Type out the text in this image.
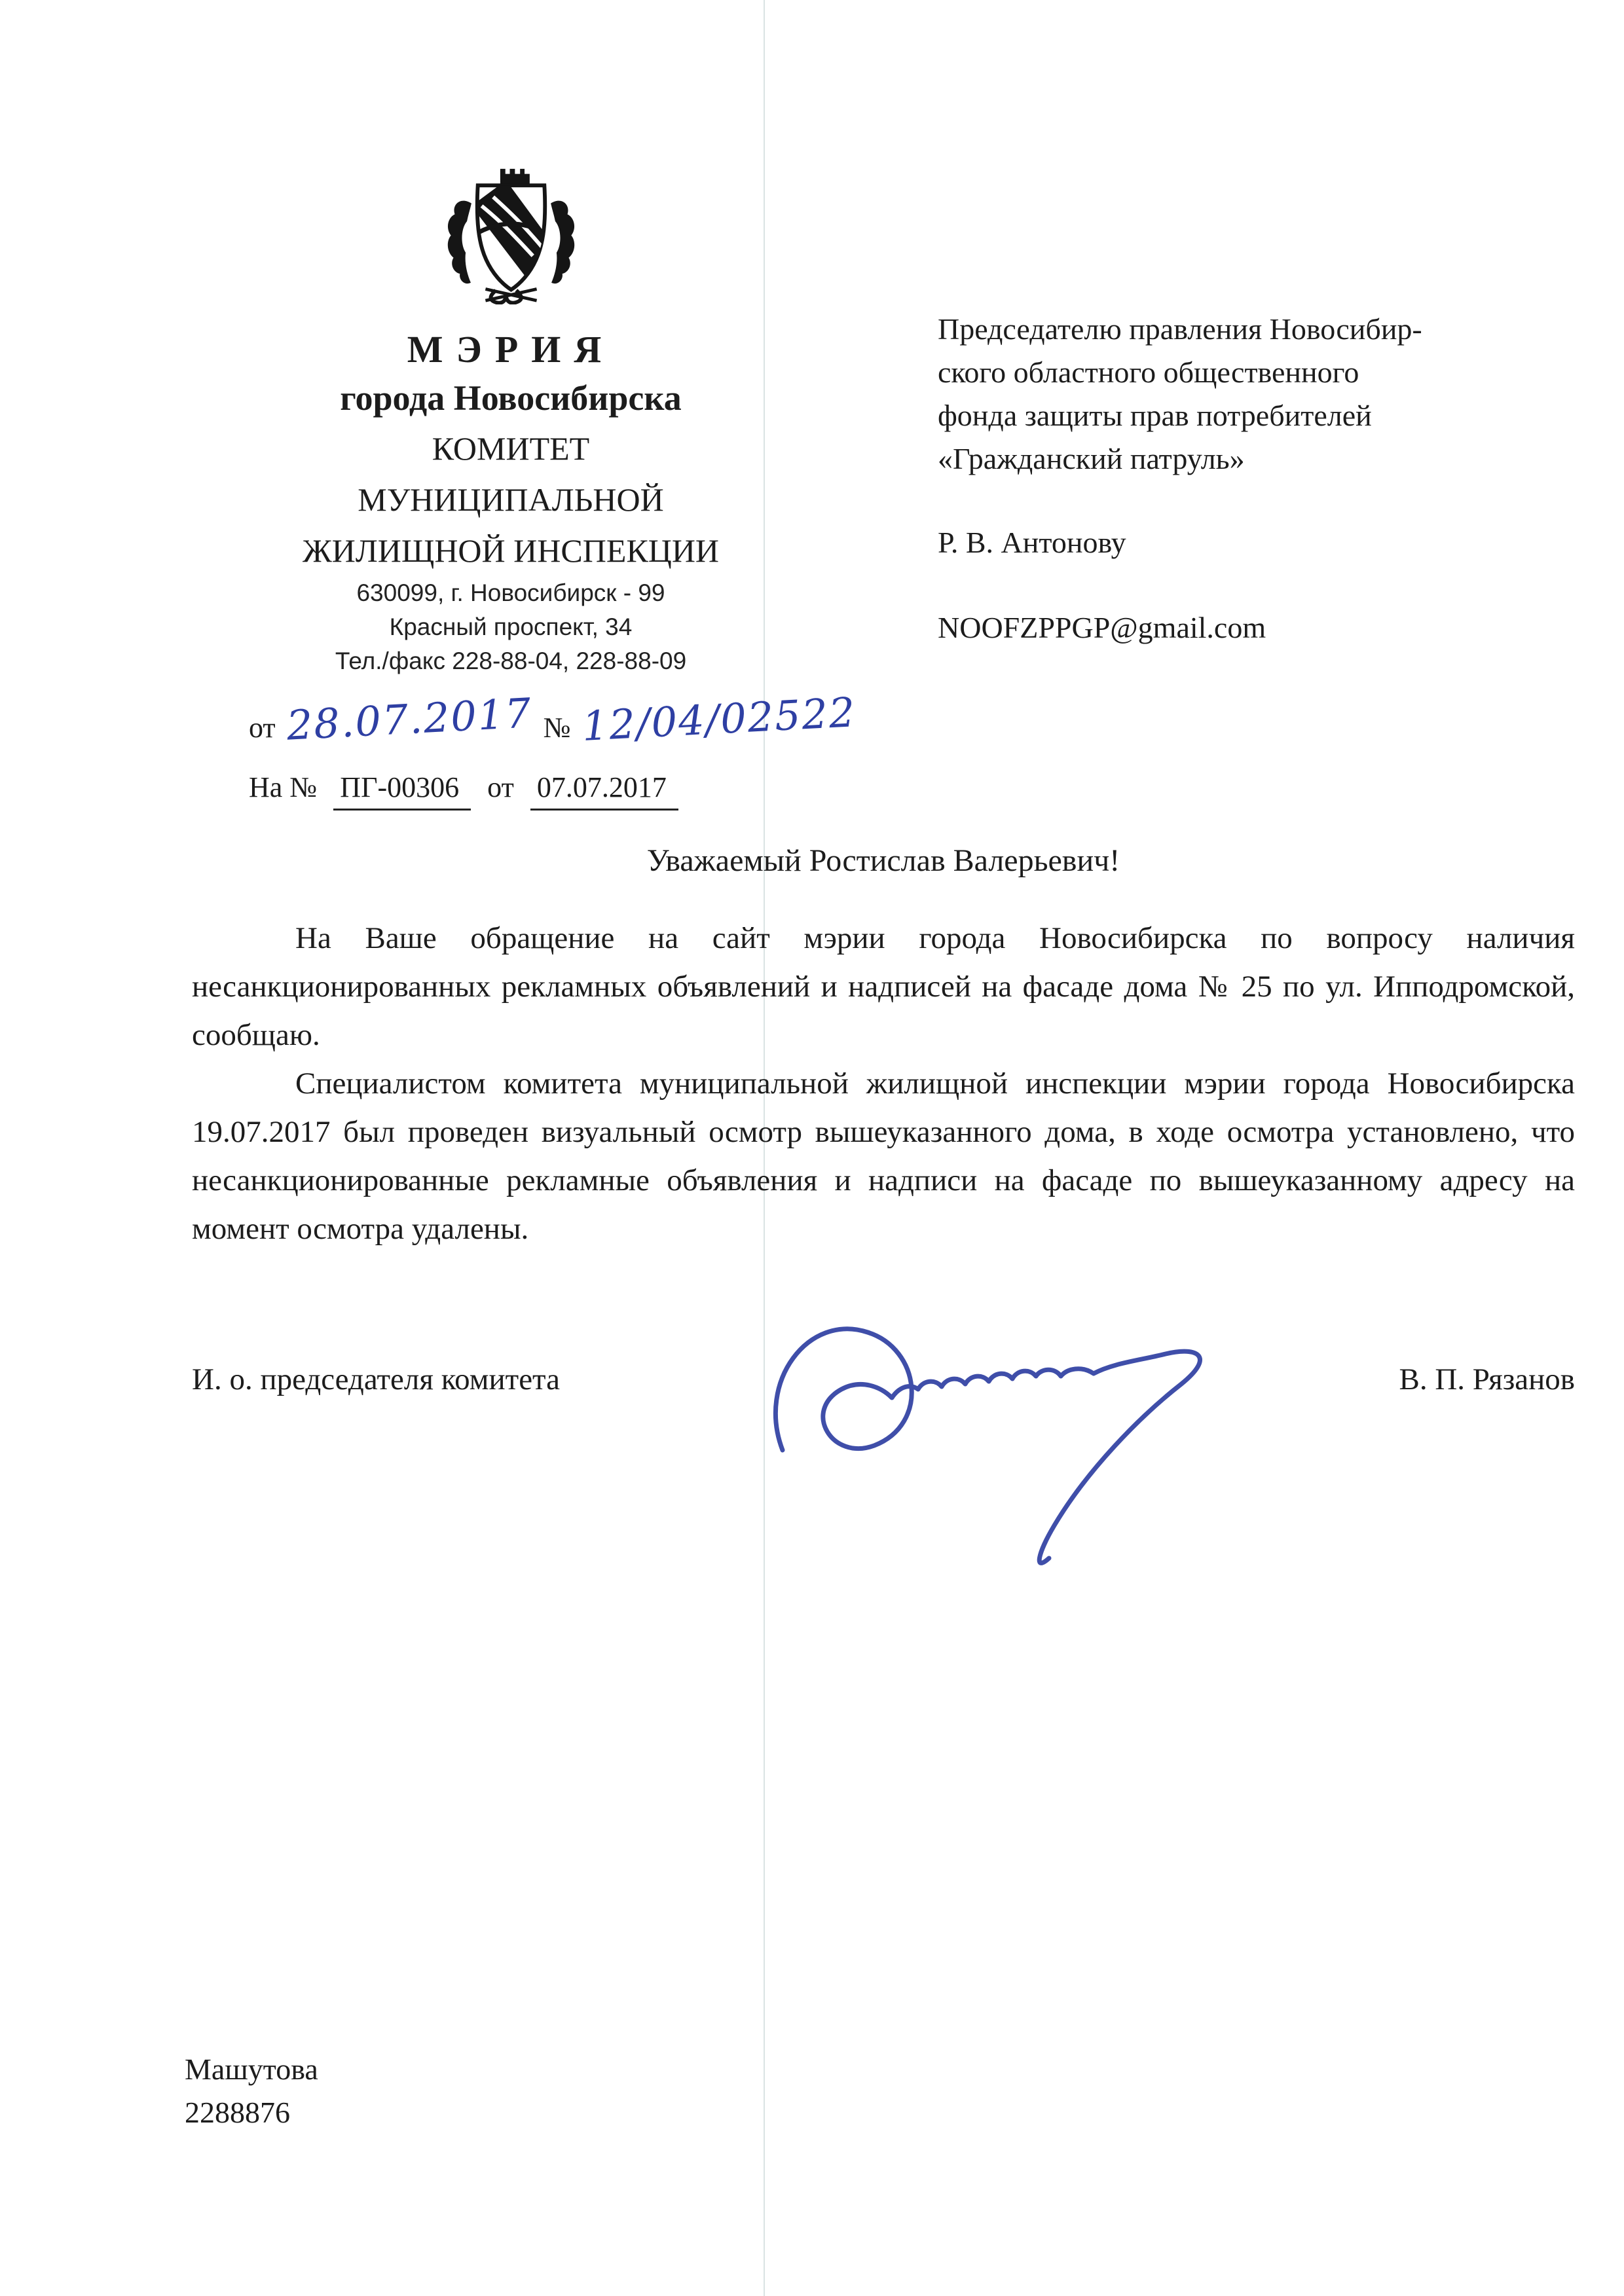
МЭРИЯ
города Новосибирска
КОМИТЕТ
МУНИЦИПАЛЬНОЙ
ЖИЛИЩНОЙ ИНСПЕКЦИИ
630099, г. Новосибирск - 99
Красный проспект, 34
Тел./факс 228-88-04, 228-88-09
от 28.07.2017 № 12/04/02522
На № ПГ-00306 от 07.07.2017
Председателю правления Новосибир-
ского областного общественного
фонда защиты прав потребителей
«Гражданский патруль»
Р. В. Антонову
NOOFZPPGP@gmail.com
Уважаемый Ростислав Валерьевич!

На Ваше обращение на сайт мэрии города Новосибирска по вопросу наличия несанкционированных рекламных объявлений и надписей на фасаде дома № 25 по ул. Ипподромской, сообщаю.

Специалистом комитета муниципальной жилищной инспекции мэрии города Новосибирска 19.07.2017 был проведен визуальный осмотр вышеуказанного дома, в ходе осмотра установлено, что несанкционированные рекламные объявления и надписи на фасаде по вышеуказанному адресу на момент осмотра удалены.

И. о. председателя комитета	В. П. Рязанов
Машутова
2288876
